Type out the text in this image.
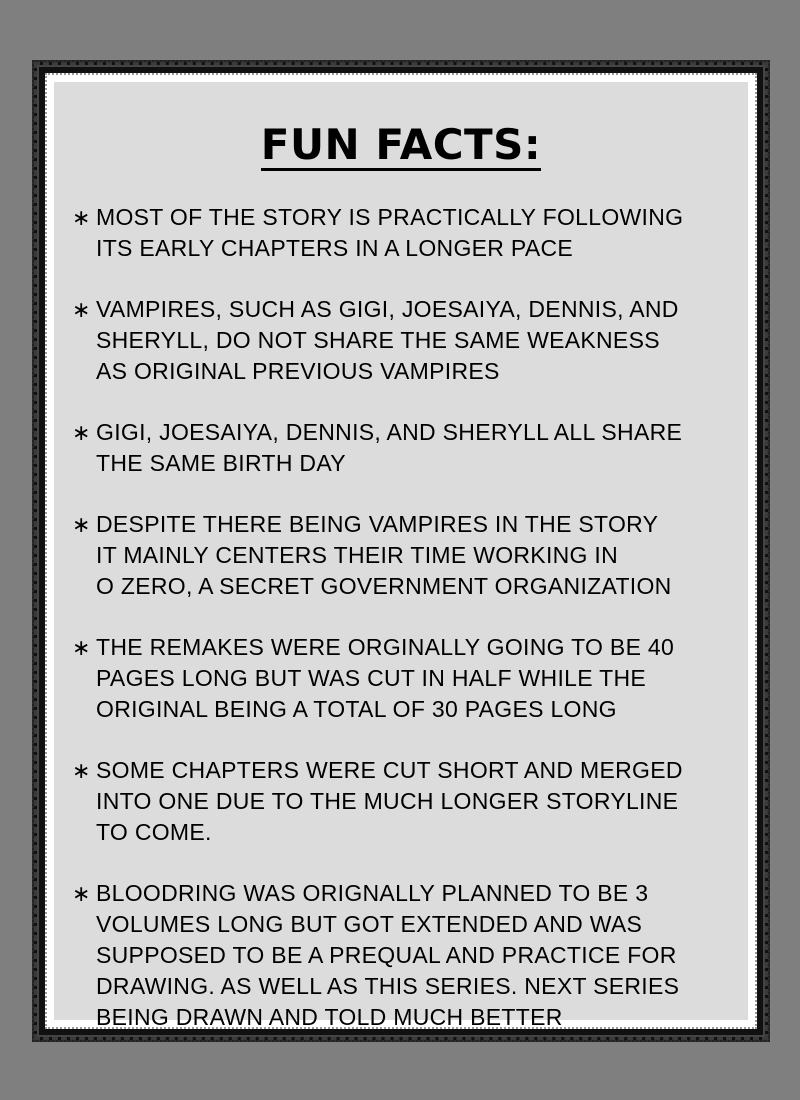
FUN FACTS:
∗ MOST OF THE STORY IS PRACTICALLY FOLLOWING
ITS EARLY CHAPTERS IN A LONGER PACE
∗ VAMPIRES, SUCH AS GIGI, JOESAIYA, DENNIS, AND
SHERYLL, DO NOT SHARE THE SAME WEAKNESS
AS ORIGINAL PREVIOUS VAMPIRES
∗ GIGI, JOESAIYA, DENNIS, AND SHERYLL ALL SHARE
THE SAME BIRTH DAY
∗ DESPITE THERE BEING VAMPIRES IN THE STORY
IT MAINLY CENTERS THEIR TIME WORKING IN
O ZERO, A SECRET GOVERNMENT ORGANIZATION
∗ THE REMAKES WERE ORGINALLY GOING TO BE 40
PAGES LONG BUT WAS CUT IN HALF WHILE THE
ORIGINAL BEING A TOTAL OF 30 PAGES LONG
∗ SOME CHAPTERS WERE CUT SHORT AND MERGED
INTO ONE DUE TO THE MUCH LONGER STORYLINE
TO COME.
∗ BLOODRING WAS ORIGNALLY PLANNED TO BE 3
VOLUMES LONG BUT GOT EXTENDED AND WAS
SUPPOSED TO BE A PREQUAL AND PRACTICE FOR
DRAWING. AS WELL AS THIS SERIES. NEXT SERIES
BEING DRAWN AND TOLD MUCH BETTER
